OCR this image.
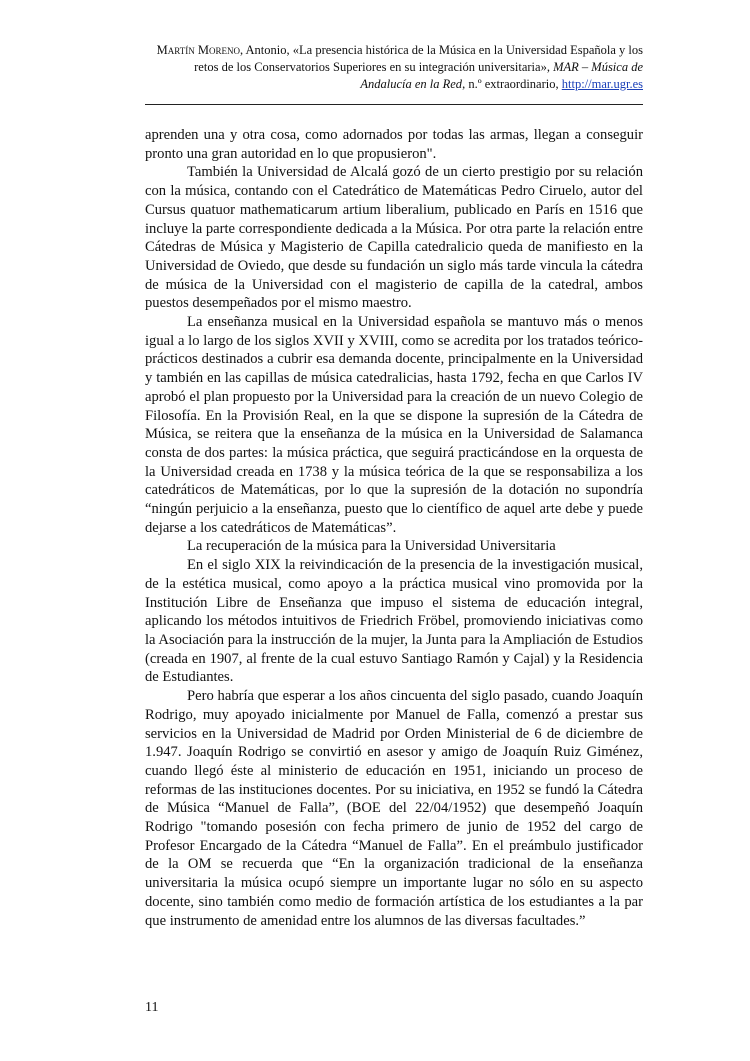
Martín Moreno, Antonio, «La presencia histórica de la Música en la Universidad Española y los retos de los Conservatorios Superiores en su integración universitaria», MAR – Música de Andalucía en la Red, n.º extraordinario, http://mar.ugr.es

aprenden una y otra cosa, como adornados por todas las armas, llegan a conseguir pronto una gran autoridad en lo que propusieron".

También la Universidad de Alcalá gozó de un cierto prestigio por su relación con la música, contando con el Catedrático de Matemáticas Pedro Ciruelo, autor del Cursus quatuor mathematicarum artium liberalium, publicado en París en 1516 que incluye la parte correspondiente dedicada a la Música. Por otra parte la relación entre Cátedras de Música y Magisterio de Capilla catedralicio queda de manifiesto en la Universidad de Oviedo, que desde su fundación un siglo más tarde vincula la cátedra de música de la Universidad con el magisterio de capilla de la catedral, ambos puestos desempeñados por el mismo maestro.

La enseñanza musical en la Universidad española se mantuvo más o menos igual a lo largo de los siglos XVII y XVIII, como se acredita por los tratados teórico-prácticos destinados a cubrir esa demanda docente, principalmente en la Universidad y también en las capillas de música catedralicias, hasta 1792, fecha en que Carlos IV aprobó el plan propuesto por la Universidad para la creación de un nuevo Colegio de Filosofía. En la Provisión Real, en la que se dispone la supresión de la Cátedra de Música, se reitera que la enseñanza de la música en la Universidad de Salamanca consta de dos partes: la música práctica, que seguirá practicándose en la orquesta de la Universidad creada en 1738 y la música teórica de la que se responsabiliza a los catedráticos de Matemáticas, por lo que la supresión de la dotación no supondría “ningún perjuicio a la enseñanza, puesto que lo científico de aquel arte debe y puede dejarse a los catedráticos de Matemáticas”.

La recuperación de la música para la Universidad Universitaria

En el siglo XIX la reivindicación de la presencia de la investigación musical, de la estética musical, como apoyo a la práctica musical vino promovida por la Institución Libre de Enseñanza que impuso el sistema de educación integral, aplicando los métodos intuitivos de Friedrich Fröbel, promoviendo iniciativas como la Asociación para la instrucción de la mujer, la Junta para la Ampliación de Estudios (creada en 1907, al frente de la cual estuvo Santiago Ramón y Cajal) y la Residencia de Estudiantes.

Pero habría que esperar a los años cincuenta del siglo pasado, cuando Joaquín Rodrigo, muy apoyado inicialmente por Manuel de Falla, comenzó a prestar sus servicios en la Universidad de Madrid por Orden Ministerial de 6 de diciembre de 1.947. Joaquín Rodrigo se convirtió en asesor y amigo de Joaquín Ruiz Giménez, cuando llegó éste al ministerio de educación en 1951, iniciando un proceso de reformas de las instituciones docentes. Por su iniciativa, en 1952 se fundó la Cátedra de Música “Manuel de Falla”, (BOE del 22/04/1952) que desempeñó Joaquín Rodrigo "tomando posesión con fecha primero de junio de 1952 del cargo de Profesor Encargado de la Cátedra “Manuel de Falla”. En el preámbulo justificador de la OM se recuerda que “En la organización tradicional de la enseñanza universitaria la música ocupó siempre un importante lugar no sólo en su aspecto docente, sino también como medio de formación artística de los estudiantes a la par que instrumento de amenidad entre los alumnos de las diversas facultades.”

11
